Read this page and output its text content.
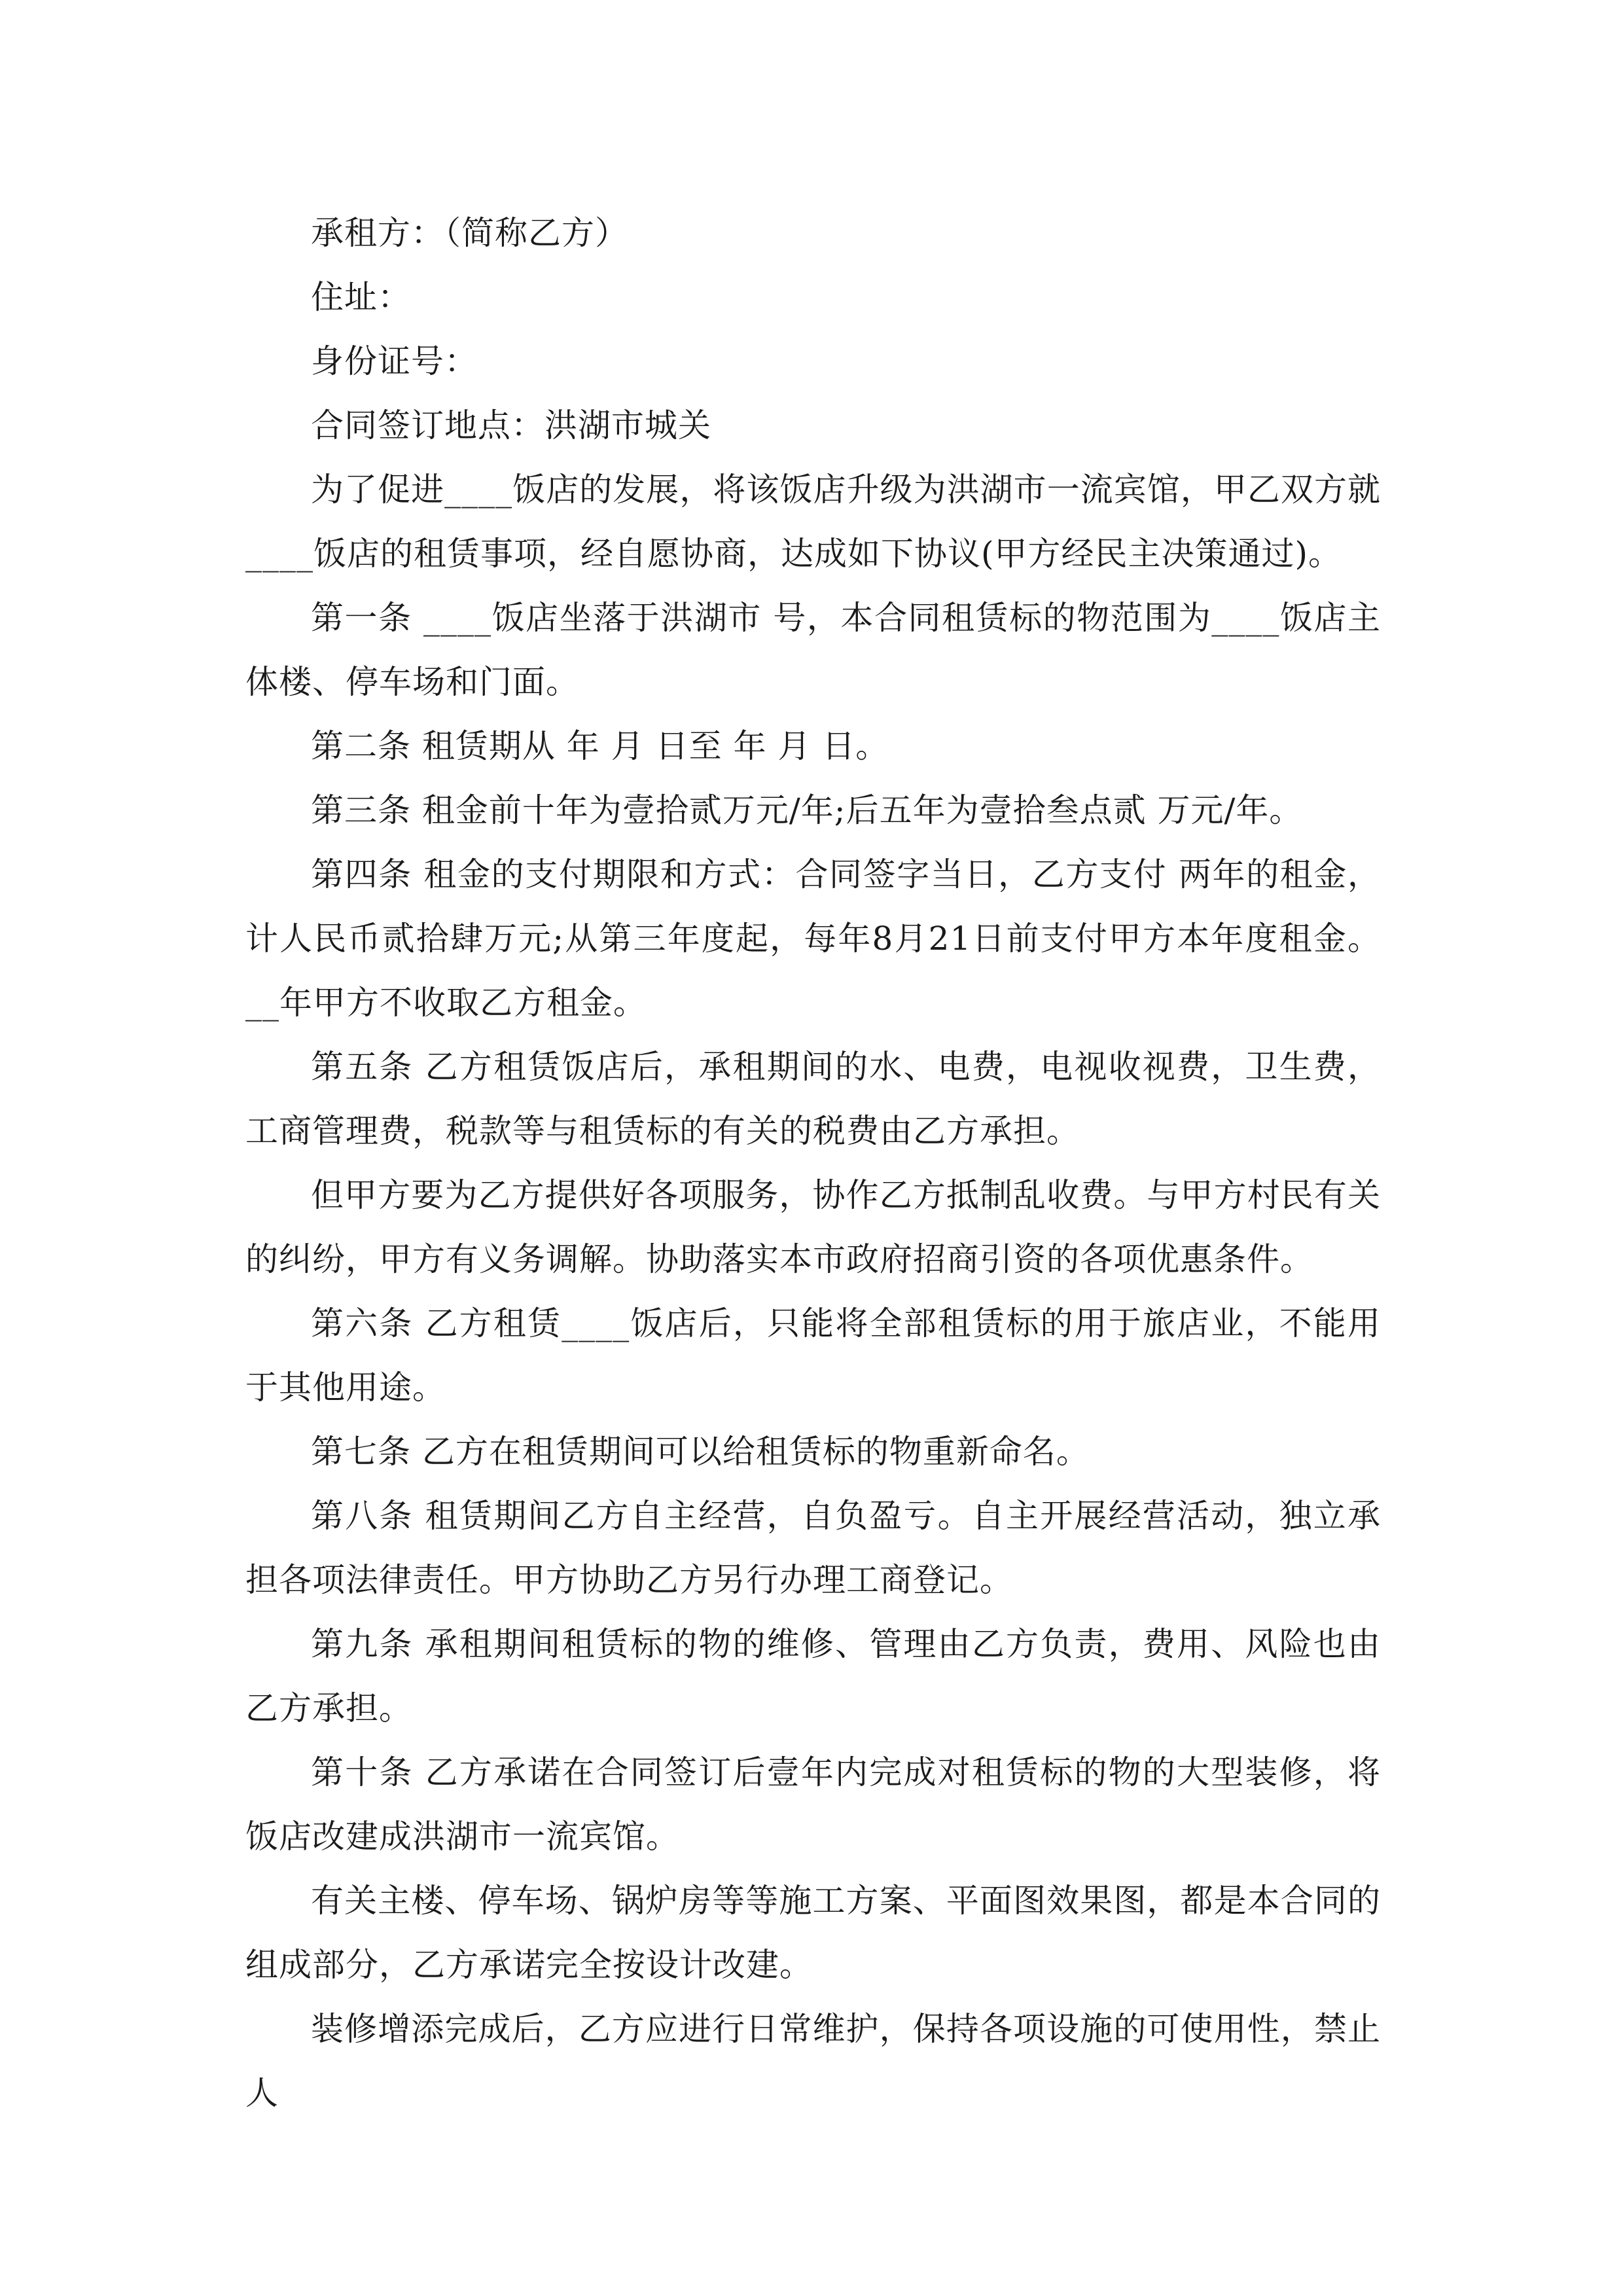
承租方：（简称乙方）

住址：

身份证号：

合同签订地点：洪湖市城关

为了促进____饭店的发展，将该饭店升级为洪湖市一流宾馆，甲乙双方就____饭店的租赁事项，经自愿协商，达成如下协议(甲方经民主决策通过)。

第一条 ____饭店坐落于洪湖市 号，本合同租赁标的物范围为____饭店主体楼、停车场和门面。

第二条 租赁期从 年 月 日至 年 月 日。

第三条 租金前十年为壹拾贰万元/年;后五年为壹拾叁点贰 万元/年。

第四条 租金的支付期限和方式：合同签字当日，乙方支付 两年的租金，计人民币贰拾肆万元;从第三年度起，每年8月21日前支付甲方本年度租金。__年甲方不收取乙方租金。

第五条 乙方租赁饭店后，承租期间的水、电费，电视收视费，卫生费，工商管理费，税款等与租赁标的有关的税费由乙方承担。

但甲方要为乙方提供好各项服务，协作乙方抵制乱收费。与甲方村民有关的纠纷，甲方有义务调解。协助落实本市政府招商引资的各项优惠条件。

第六条 乙方租赁____饭店后，只能将全部租赁标的用于旅店业，不能用于其他用途。

第七条 乙方在租赁期间可以给租赁标的物重新命名。

第八条 租赁期间乙方自主经营，自负盈亏。自主开展经营活动，独立承担各项法律责任。甲方协助乙方另行办理工商登记。

第九条 承租期间租赁标的物的维修、管理由乙方负责，费用、风险也由乙方承担。

第十条 乙方承诺在合同签订后壹年内完成对租赁标的物的大型装修，将饭店改建成洪湖市一流宾馆。

有关主楼、停车场、锅炉房等等施工方案、平面图效果图，都是本合同的组成部分，乙方承诺完全按设计改建。

装修增添完成后，乙方应进行日常维护，保持各项设施的可使用性，禁止人
